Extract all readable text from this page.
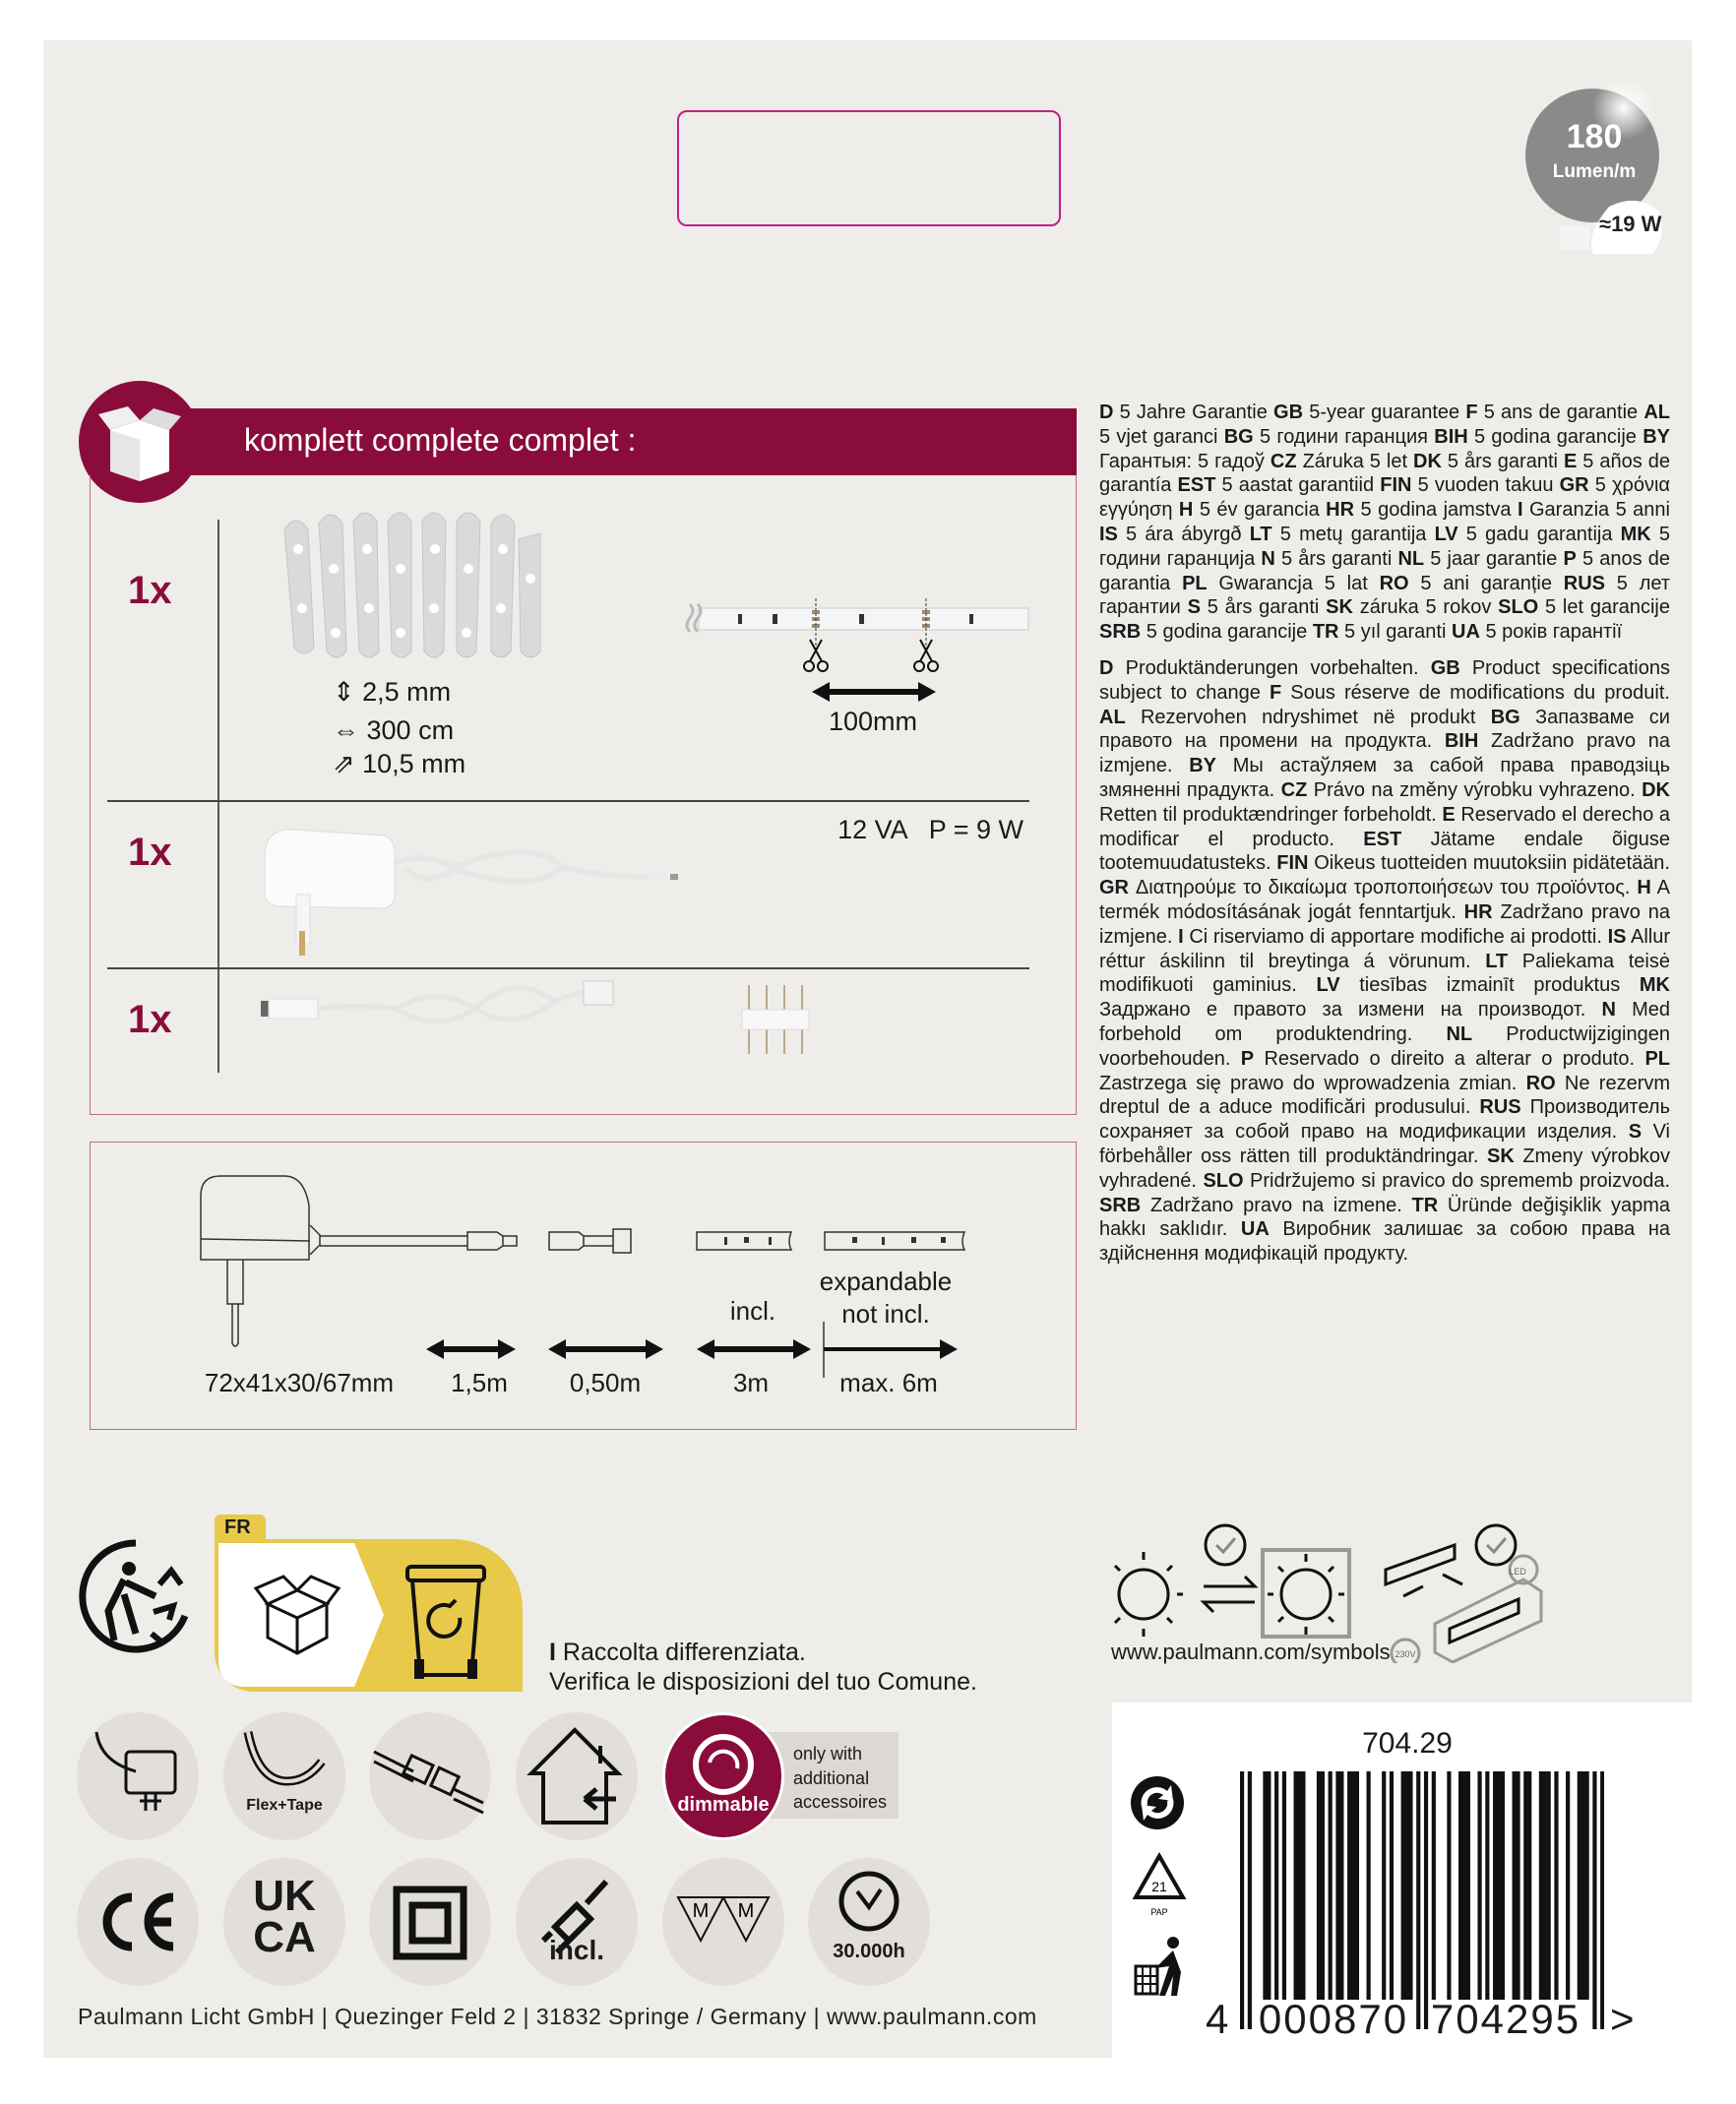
180
Lumen/m
≈19 W
komplett complete complet :
1x
1x
1x
⇕ 2,5 mm
⇔ 300 cm
⇗ 10,5 mm
100mm
12 VA   P = 9 W
72x41x30/67mm	1,5m	0,50m	3m
incl.
expandable
not incl.
max. 6m

D 5 Jahre Garantie GB 5-year guarantee F 5 ans de garantie AL 5 vjet garanci BG 5 години гаранция BIH 5 godina garancije BY Гарантыя: 5 гадоў CZ Záruka 5 let DK 5 års garanti E 5 años de garantía EST 5 aastat garantiid FIN 5 vuoden takuu GR 5 χρόνια εγγύηση H 5 év garancia HR 5 godina jamstva I Garanzia 5 anni IS 5 ára ábyrgð LT 5 metų garantija LV 5 gadu garantija MK 5 години гаранција N 5 års garanti NL 5 jaar garantie P 5 anos de garantia PL Gwarancja 5 lat RO 5 ani garanție RUS 5 лет гарантии S 5 års garanti SK záruka 5 rokov SLO 5 let garancije SRB 5 godina garancije TR 5 yıl garanti UA 5 років гарантії

D Produktänderungen vorbehalten. GB Product specifications subject to change F Sous réserve de modifications du produit. AL Rezervohen ndryshimet në produkt BG Запазваме си правото на промени на продукта. BIH Zadržano pravo na izmjene. BY Мы астаўляем за сабой права праводзіць змяненні прадукта. CZ Právo na změny výrobku vyhrazeno. DK Retten til produktændringer forbeholdt. E Reservado el derecho a modificar el producto. EST Jätame endale õiguse tootemuudatusteks. FIN Oikeus tuotteiden muutoksiin pidätetään. GR Διατηρούμε το δικαίωμα τροποποιήσεων του προϊόντος. H A termék módosításának jogát fenntartjuk. HR Zadržano pravo na izmjene. I Ci riserviamo di apportare modifiche ai prodotti. IS Allur réttur áskilinn til breytinga á vörunum. LT Paliekama teisė modifikuoti gaminius. LV tiesības izmainīt produktus MK Задржано е правото за измени на производот. N Med forbehold om produktendring. NL Productwijzigingen voorbehouden. P Reservado o direito a alterar o produto. PL Zastrzega się prawo do wprowadzenia zmian. RO Ne rezervm dreptul de a aduce modificări produsului. RUS Производитель сохраняет за собой право на модификации изделия. S Vi förbehåller oss rätten till produktändringar. SK Zmeny výrobkov vyhradené. SLO Pridržujemo si pravico do sprememb proizvoda. SRB Zadržano pravo na izmene. TR Üründe değişiklik yapma hakkı saklıdır. UA Виробник залишає за собою права на здійснення модифікацій продукту.

LED
230V
www.paulmann.com/symbols
FR
I Raccolta differenziata.
Verifica le disposizioni del tuo Comune.
Flex+Tape	dimmable
only with
additional
accessoires
UK
CA	incl.
M M
30.000h
Paulmann Licht GmbH | Quezinger Feld 2 | 31832 Springe / Germany | www.paulmann.com
704.29
21
PAP
4 000870 704295 >
